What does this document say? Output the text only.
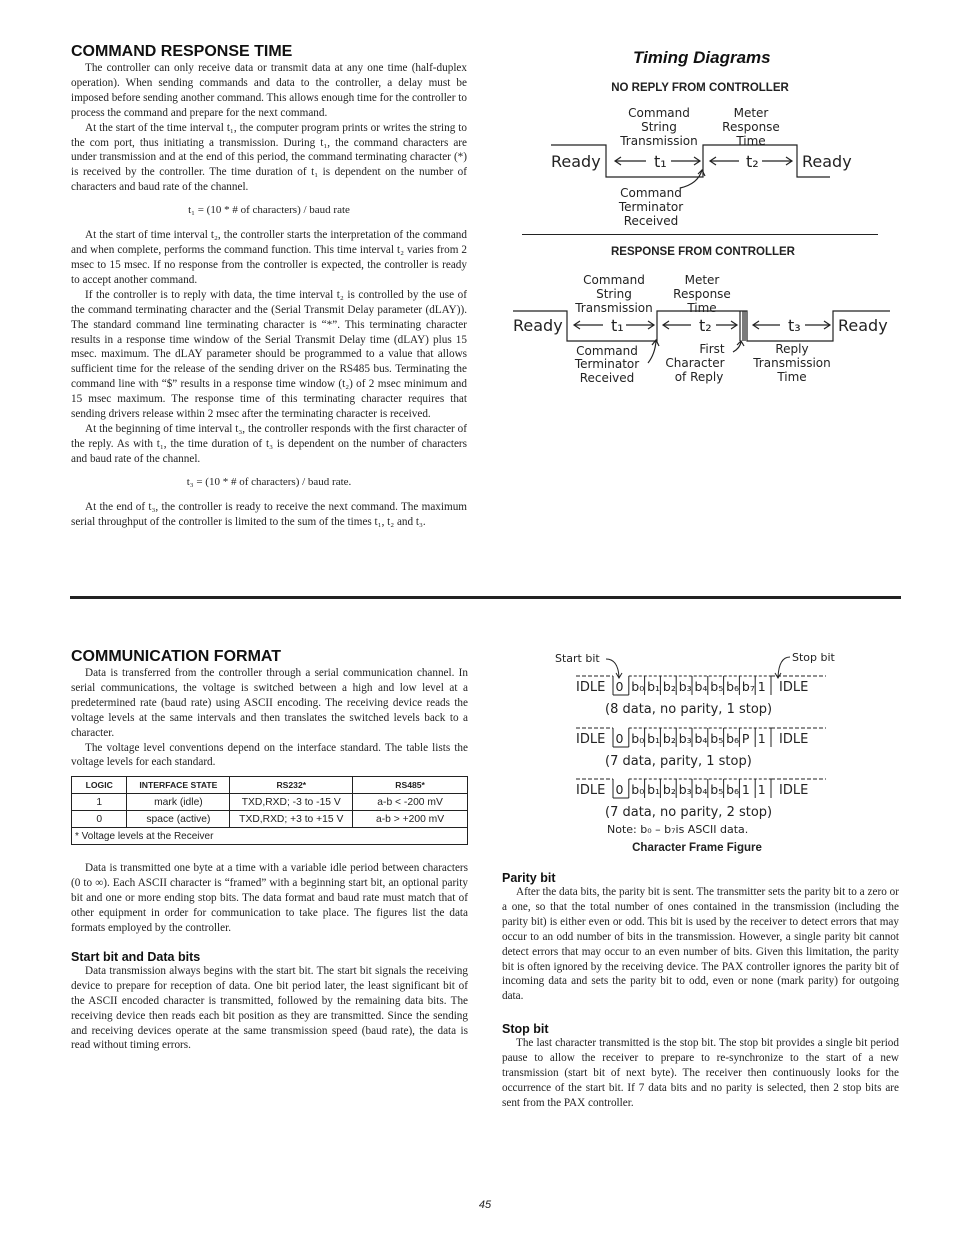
COMMAND RESPONSE TIME

The controller can only receive data or transmit data at any one time (half-duplex operation). When sending commands and data to the controller, a delay must be imposed before sending another command. This allows enough time for the controller to process the command and prepare for the next command.

At the start of the time interval t₁, the computer program prints or writes the string to the com port, thus initiating a transmission. During t₁, the command characters are under transmission and at the end of this period, the command terminating character (*) is received by the controller. The time duration of t₁ is dependent on the number of characters and baud rate of the channel.

t₁ = (10 * # of characters) / baud rate

At the start of time interval t₂, the controller starts the interpretation of the command and when complete, performs the command function. This time interval t₂ varies from 2 msec to 15 msec. If no response from the controller is expected, the controller is ready to accept another command.

If the controller is to reply with data, the time interval t₂ is controlled by the use of the command terminating character and the (Serial Transmit Delay parameter (dLAY)). The standard command line terminating character is “*”. This terminating character results in a response time window of the Serial Transmit Delay time (dLAY) plus 15 msec. maximum. The dLAY parameter should be programmed to a value that allows sufficient time for the release of the sending driver on the RS485 bus. Terminating the command line with “$” results in a response time window (t₂) of 2 msec minimum and 15 msec maximum. The response time of this terminating character requires that sending drivers release within 2 msec after the terminating character is received.

At the beginning of time interval t₃, the controller responds with the first character of the reply. As with t₁, the time duration of t₃ is dependent on the number of characters and baud rate of the channel.

t₃ = (10 * # of characters) / baud rate.

At the end of t₃, the controller is ready to receive the next command. The maximum serial throughput of the controller is limited to the sum of the times t₁, t₂ and t₃.

Timing Diagrams
NO REPLY FROM CONTROLLER
Command
String
Transmission
Meter
Response
Time
Command
Terminator
Received
Ready	Ready
t₁	t₂
RESPONSE FROM CONTROLLER
Command
String
Transmission
Meter
Response
Time
Command
Terminator
Received
First
Character
of Reply
Reply
Transmission
Time
Ready	Ready
t₁	t₂	t₃
COMMUNICATION FORMAT

Data is transferred from the controller through a serial communication channel. In serial communications, the voltage is switched between a high and low level at a predetermined rate (baud rate) using ASCII encoding. The receiving device reads the voltage levels at the same intervals and then translates the switched levels back to a character.

The voltage level conventions depend on the interface standard. The table lists the voltage levels for each standard.

LOGIC	INTERFACE STATE	RS232*	RS485*
1	mark (idle)	TXD,RXD; -3 to -15 V	a-b < -200 mV
0	space (active)	TXD,RXD; +3 to +15 V	a-b > +200 mV
* Voltage levels at the Receiver			

Data is transmitted one byte at a time with a variable idle period between characters (0 to ∞). Each ASCII character is “framed” with a beginning start bit, an optional parity bit and one or more ending stop bits. The data format and baud rate must match that of other equipment in order for communication to take place. The figures list the data formats employed by the controller.

Start bit and Data bits

Data transmission always begins with the start bit. The start bit signals the receiving device to prepare for reception of data. One bit period later, the least significant bit of the ASCII encoded character is transmitted, followed by the remaining data bits. The receiving device then reads each bit position as they are transmitted. Since the sending and receiving devices operate at the same transmission speed (baud rate), the data is read without timing errors.

Start bit	Stop bit
Note: b₀ – b₇is ASCII data.
IDLE	IDLE
0 b₀ b₁ b₂ b₃ b₄ b₅ b₆ b₇ 1
(8 data, no parity, 1 stop)
IDLE	IDLE
0 b₀ b₁ b₂ b₃ b₄ b₅ b₆ P 1
(7 data, parity, 1 stop)
IDLE	IDLE
0 b₀ b₁ b₂ b₃ b₄ b₅ b₆ 1 1
(7 data, no parity, 2 stop)
Character Frame Figure
Parity bit

After the data bits, the parity bit is sent. The transmitter sets the parity bit to a zero or a one, so that the total number of ones contained in the transmission (including the parity bit) is either even or odd. This bit is used by the receiver to detect errors that may occur to an odd number of bits in the transmission. However, a single parity bit cannot detect errors that may occur to an even number of bits. Given this limitation, the parity bit is often ignored by the receiving device. The PAX controller ignores the parity bit of incoming data and sets the parity bit to odd, even or none (mark parity) for outgoing data.

Stop bit

The last character transmitted is the stop bit. The stop bit provides a single bit period pause to allow the receiver to prepare to re-synchronize to the start of a new transmission (start bit of next byte). The receiver then continuously looks for the occurrence of the start bit. If 7 data bits and no parity is selected, then 2 stop bits are sent from the PAX controller.

45
